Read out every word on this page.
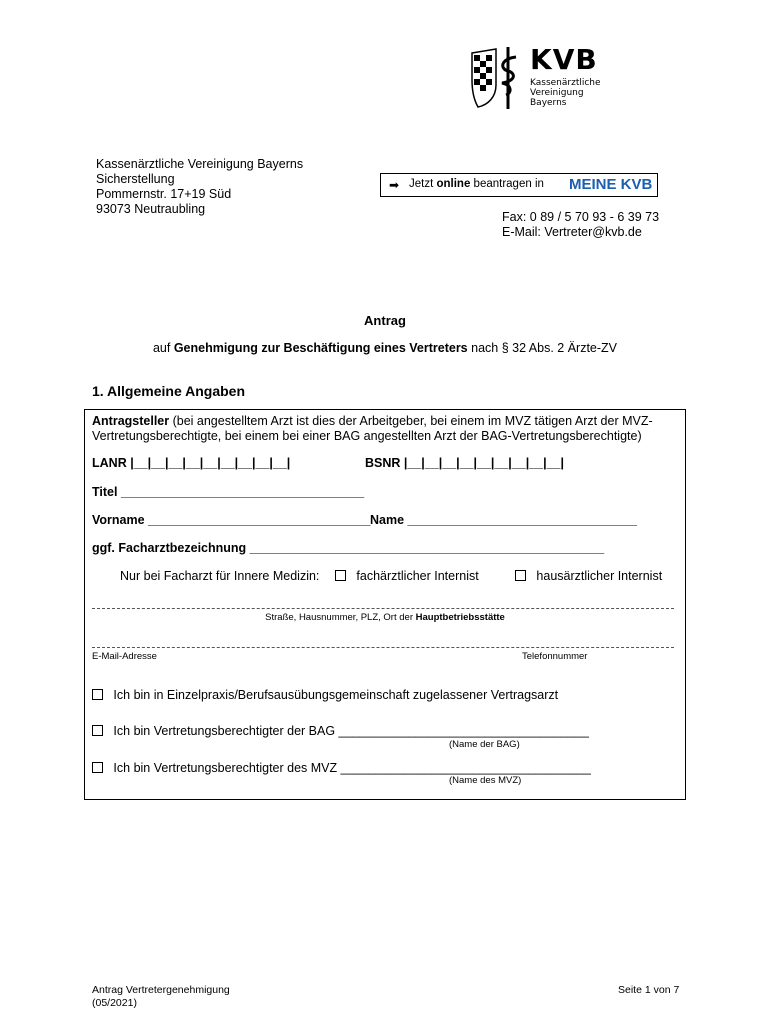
KVB
Kassenärztliche
Vereinigung
Bayerns
Kassenärztliche Vereinigung Bayerns
Sicherstellung
Pommernstr. 17+19 Süd
93073 Neutraubling
➡ Jetzt online beantragen in MEINE KVB
Fax: 0 89 / 5 70 93 - 6 39 73
E-Mail: Vertreter@kvb.de
Antrag
auf Genehmigung zur Beschäftigung eines Vertreters nach § 32 Abs. 2 Ärzte-ZV
1. Allgemeine Angaben
Antragsteller (bei angestelltem Arzt ist dies der Arbeitgeber, bei einem im MVZ tätigen Arzt der MVZ-
Vertretungsberechtigte, bei einem bei einer BAG angestellten Arzt der BAG-Vertretungsberechtigte)
LANR |__|__|__|__|__|__|__|__|__|	BSNR |__|__|__|__|__|__|__|__|__|
Titel ___________________________________
Vorname ________________________________ Name _________________________________
ggf. Facharztbezeichnung ___________________________________________________
Nur bei Facharzt für Innere Medizin:	fachärztlicher Internist	hausärztlicher Internist
Straße, Hausnummer, PLZ, Ort der Hauptbetriebsstätte
E-Mail-Adresse	Telefonnummer
Ich bin in Einzelpraxis/Berufsausübungsgemeinschaft zugelassener Vertragsarzt
Ich bin Vertretungsberechtigter der BAG ____________________________________
(Name der BAG)
Ich bin Vertretungsberechtigter des MVZ ____________________________________
(Name des MVZ)
Antrag Vertretergenehmigung
(05/2021)
Seite 1 von 7
